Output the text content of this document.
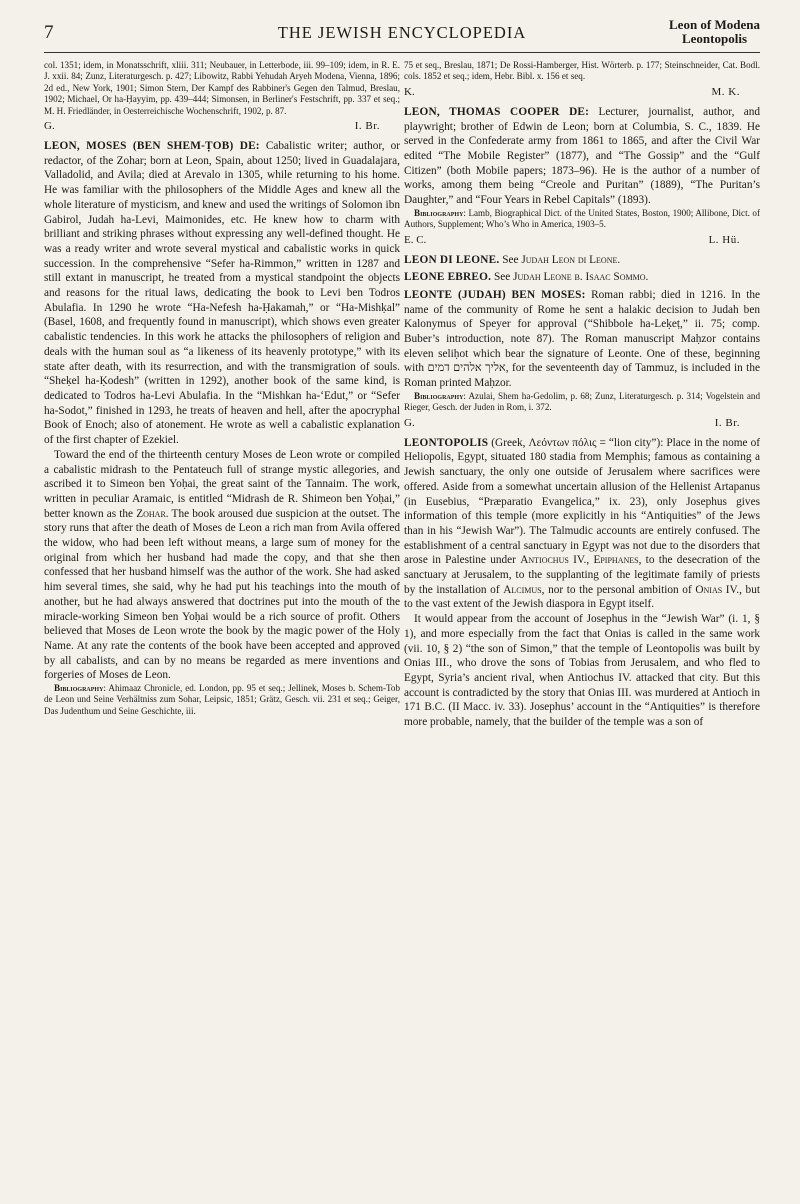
7	THE JEWISH ENCYCLOPEDIA	Leon of Modena
Leontopolis

col. 1351; idem, in Monatsschrift, xliii. 311; Neubauer, in Letterbode, iii. 99–109; idem, in R. E. J. xxii. 84; Zunz, Literaturgesch. p. 427; Libowitz, Rabbi Yehudah Aryeh Modena, Vienna, 1896; 2d ed., New York, 1901; Simon Stern, Der Kampf des Rabbiner's Gegen den Talmud, Breslau, 1902; Michael, Or ha-Ḥayyim, pp. 439–444; Simonsen, in Berliner's Festschrift, pp. 337 et seq.; M. H. Friedländer, in Oesterreichische Wochenschrift, 1902, p. 87.

G.	I. Br.

LEON, MOSES (BEN SHEM-ṬOB) DE: Cabalistic writer; author, or redactor, of the Zohar; born at Leon, Spain, about 1250; lived in Guadalajara, Valladolid, and Avila; died at Arevalo in 1305, while returning to his home. He was familiar with the philosophers of the Middle Ages and knew all the whole literature of mysticism, and knew and used the writings of Solomon ibn Gabirol, Judah ha-Levi, Maimonides, etc. He knew how to charm with brilliant and striking phrases without expressing any well-defined thought. He was a ready writer and wrote several mystical and cabalistic works in quick succession. In the comprehensive “Sefer ha-Rimmon,” written in 1287 and still extant in manuscript, he treated from a mystical standpoint the objects and reasons for the ritual laws, dedicating the book to Levi ben Todros Abulafia. In 1290 he wrote “Ha-Nefesh ha-Ḥakamah,” or “Ha-Mishḳal” (Basel, 1608, and frequently found in manuscript), which shows even greater cabalistic tendencies. In this work he attacks the philosophers of religion and deals with the human soul as “a likeness of its heavenly prototype,” with its state after death, with its resurrection, and with the transmigration of souls. “Sheḳel ha-Ḳodesh” (written in 1292), another book of the same kind, is dedicated to Todros ha-Levi Abulafia. In the “Mishkan ha-‘Edut,” or “Sefer ha-Sodot,” finished in 1293, he treats of heaven and hell, after the apocryphal Book of Enoch; also of atonement. He wrote as well a cabalistic explanation of the first chapter of Ezekiel.

Toward the end of the thirteenth century Moses de Leon wrote or compiled a cabalistic midrash to the Pentateuch full of strange mystic allegories, and ascribed it to Simeon ben Yoḥai, the great saint of the Tannaim. The work, written in peculiar Aramaic, is entitled “Midrash de R. Shimeon ben Yoḥai,” better known as the Zohar. The book aroused due suspicion at the outset. The story runs that after the death of Moses de Leon a rich man from Avila offered the widow, who had been left without means, a large sum of money for the original from which her husband had made the copy, and that she then confessed that her husband himself was the author of the work. She had asked him several times, she said, why he had put his teachings into the mouth of another, but he had always answered that doctrines put into the mouth of the miracle-working Simeon ben Yoḥai would be a rich source of profit. Others believed that Moses de Leon wrote the book by the magic power of the Holy Name. At any rate the contents of the book have been accepted and approved by all cabalists, and can by no means be regarded as mere inventions and forgeries of Moses de Leon.

Bibliography: Ahimaaz Chronicle, ed. London, pp. 95 et seq.; Jellinek, Moses b. Schem-Tob de Leon und Seine Verhältniss zum Sohar, Leipsic, 1851; Grätz, Gesch. vii. 231 et seq.; Geiger, Das Judenthum und Seine Geschichte, iii.

75 et seq., Breslau, 1871; De Rossi-Hamberger, Hist. Wörterb. p. 177; Steinschneider, Cat. Bodl. cols. 1852 et seq.; idem, Hebr. Bibl. x. 156 et seq.

K.	M. K.

LEON, THOMAS COOPER DE: Lecturer, journalist, author, and playwright; brother of Edwin de Leon; born at Columbia, S. C., 1839. He served in the Confederate army from 1861 to 1865, and after the Civil War edited “The Mobile Register” (1877), and “The Gossip” and the “Gulf Citizen” (both Mobile papers; 1873–96). He is the author of a number of works, among them being “Creole and Puritan” (1889), “The Puritan’s Daughter,” and “Four Years in Rebel Capitals” (1893).

Bibliography: Lamb, Biographical Dict. of the United States, Boston, 1900; Allibone, Dict. of Authors, Supplement; Who’s Who in America, 1903–5.

E. C.	L. Hü.

LEON DI LEONE. See Judah Leon di Leone.

LEONE EBREO. See Judah Leone b. Isaac Sommo.

LEONTE (JUDAH) BEN MOSES: Roman rabbi; died in 1216. In the name of the community of Rome he sent a halakic decision to Judah ben Kalonymus of Speyer for approval (“Shibbole ha-Leḳeṭ,” ii. 75; comp. Buber’s introduction, note 87). The Roman manuscript Maḥzor contains eleven seliḥot which bear the signature of Leonte. One of these, beginning with אליך אלהים דמים, for the seventeenth day of Tammuz, is included in the Roman printed Maḥzor.

Bibliography: Azulai, Shem ha-Gedolim, p. 68; Zunz, Literaturgesch. p. 314; Vogelstein and Rieger, Gesch. der Juden in Rom, i. 372.

G.	I. Br.

LEONTOPOLIS (Greek, Λεόντων πόλις = “lion city”): Place in the nome of Heliopolis, Egypt, situated 180 stadia from Memphis; famous as containing a Jewish sanctuary, the only one outside of Jerusalem where sacrifices were offered. Aside from a somewhat uncertain allusion of the Hellenist Artapanus (in Eusebius, “Præparatio Evangelica,” ix. 23), only Josephus gives information of this temple (more explicitly in his “Antiquities” of the Jews than in his “Jewish War”). The Talmudic accounts are entirely confused. The establishment of a central sanctuary in Egypt was not due to the disorders that arose in Palestine under Antiochus IV., Epiphanes, to the desecration of the sanctuary at Jerusalem, to the supplanting of the legitimate family of priests by the installation of Alcimus, nor to the personal ambition of Onias IV., but to the vast extent of the Jewish diaspora in Egypt itself.

It would appear from the account of Josephus in the “Jewish War” (i. 1, § 1), and more especially from the fact that Onias is called in the same work (vii. 10, § 2) “the son of Simon,” that the temple of Leontopolis was built by Onias III., who drove the sons of Tobias from Jerusalem, and who fled to Egypt, Syria’s ancient rival, when Antiochus IV. attacked that city. But this account is contradicted by the story that Onias III. was murdered at Antioch in 171 B.C. (II Macc. iv. 33). Josephus’ account in the “Antiquities” is therefore more probable, namely, that the builder of the temple was a son of
